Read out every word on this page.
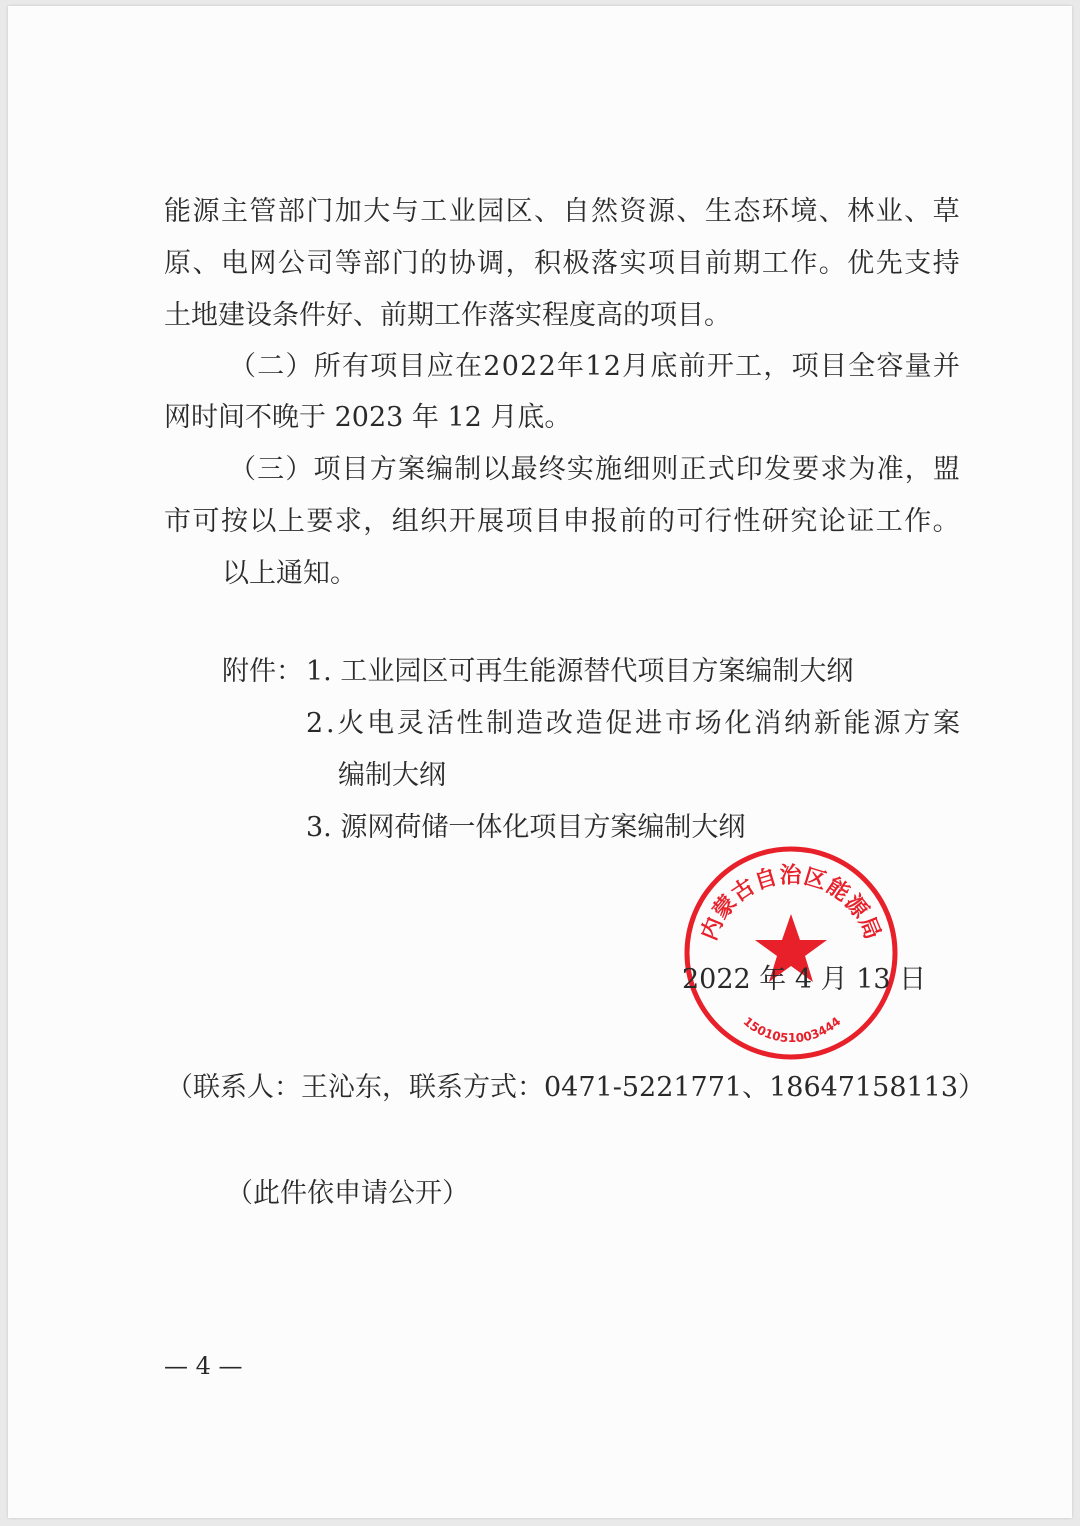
能 源 主 管 部 门 加 大 与 工 业 园 区 、 自 然 资 源 、 生 态 环 境 、 林 业 、 草
原 、 电 网 公 司 等 部 门 的 协 调 ， 积 极 落 实 项 目 前 期 工 作 。 优 先 支 持
土地建设条件好、前期工作落实程度高的项目。
（ 二 ） 所 有 项 目 应 在 2 0 2 2 年 1 2 月 底 前 开 工 ， 项 目 全 容 量 并
网时间不晚于 2023 年 12 月底。
（ 三 ） 项 目 方 案 编 制 以 最 终 实 施 细 则 正 式 印 发 要 求 为 准 ， 盟
市 可 按 以 上 要 求 ， 组 织 开 展 项 目 申 报 前 的 可 行 性 研 究 论 证 工 作 。
以上通知。
附件： 1. 工业园区可再生能源替代项目方案编制大纲
2 . 火 电 灵 活 性 制 造 改 造 促 进 市 场 化 消 纳 新 能 源 方 案
编制大纲
3. 源网荷储一体化项目方案编制大纲
内蒙古自治区能源局
1501051003444
2022 年 4 月 13 日
（联系人：王沁东，联系方式：0471-5221771、18647158113）
（此件依申请公开）
— 4 —
